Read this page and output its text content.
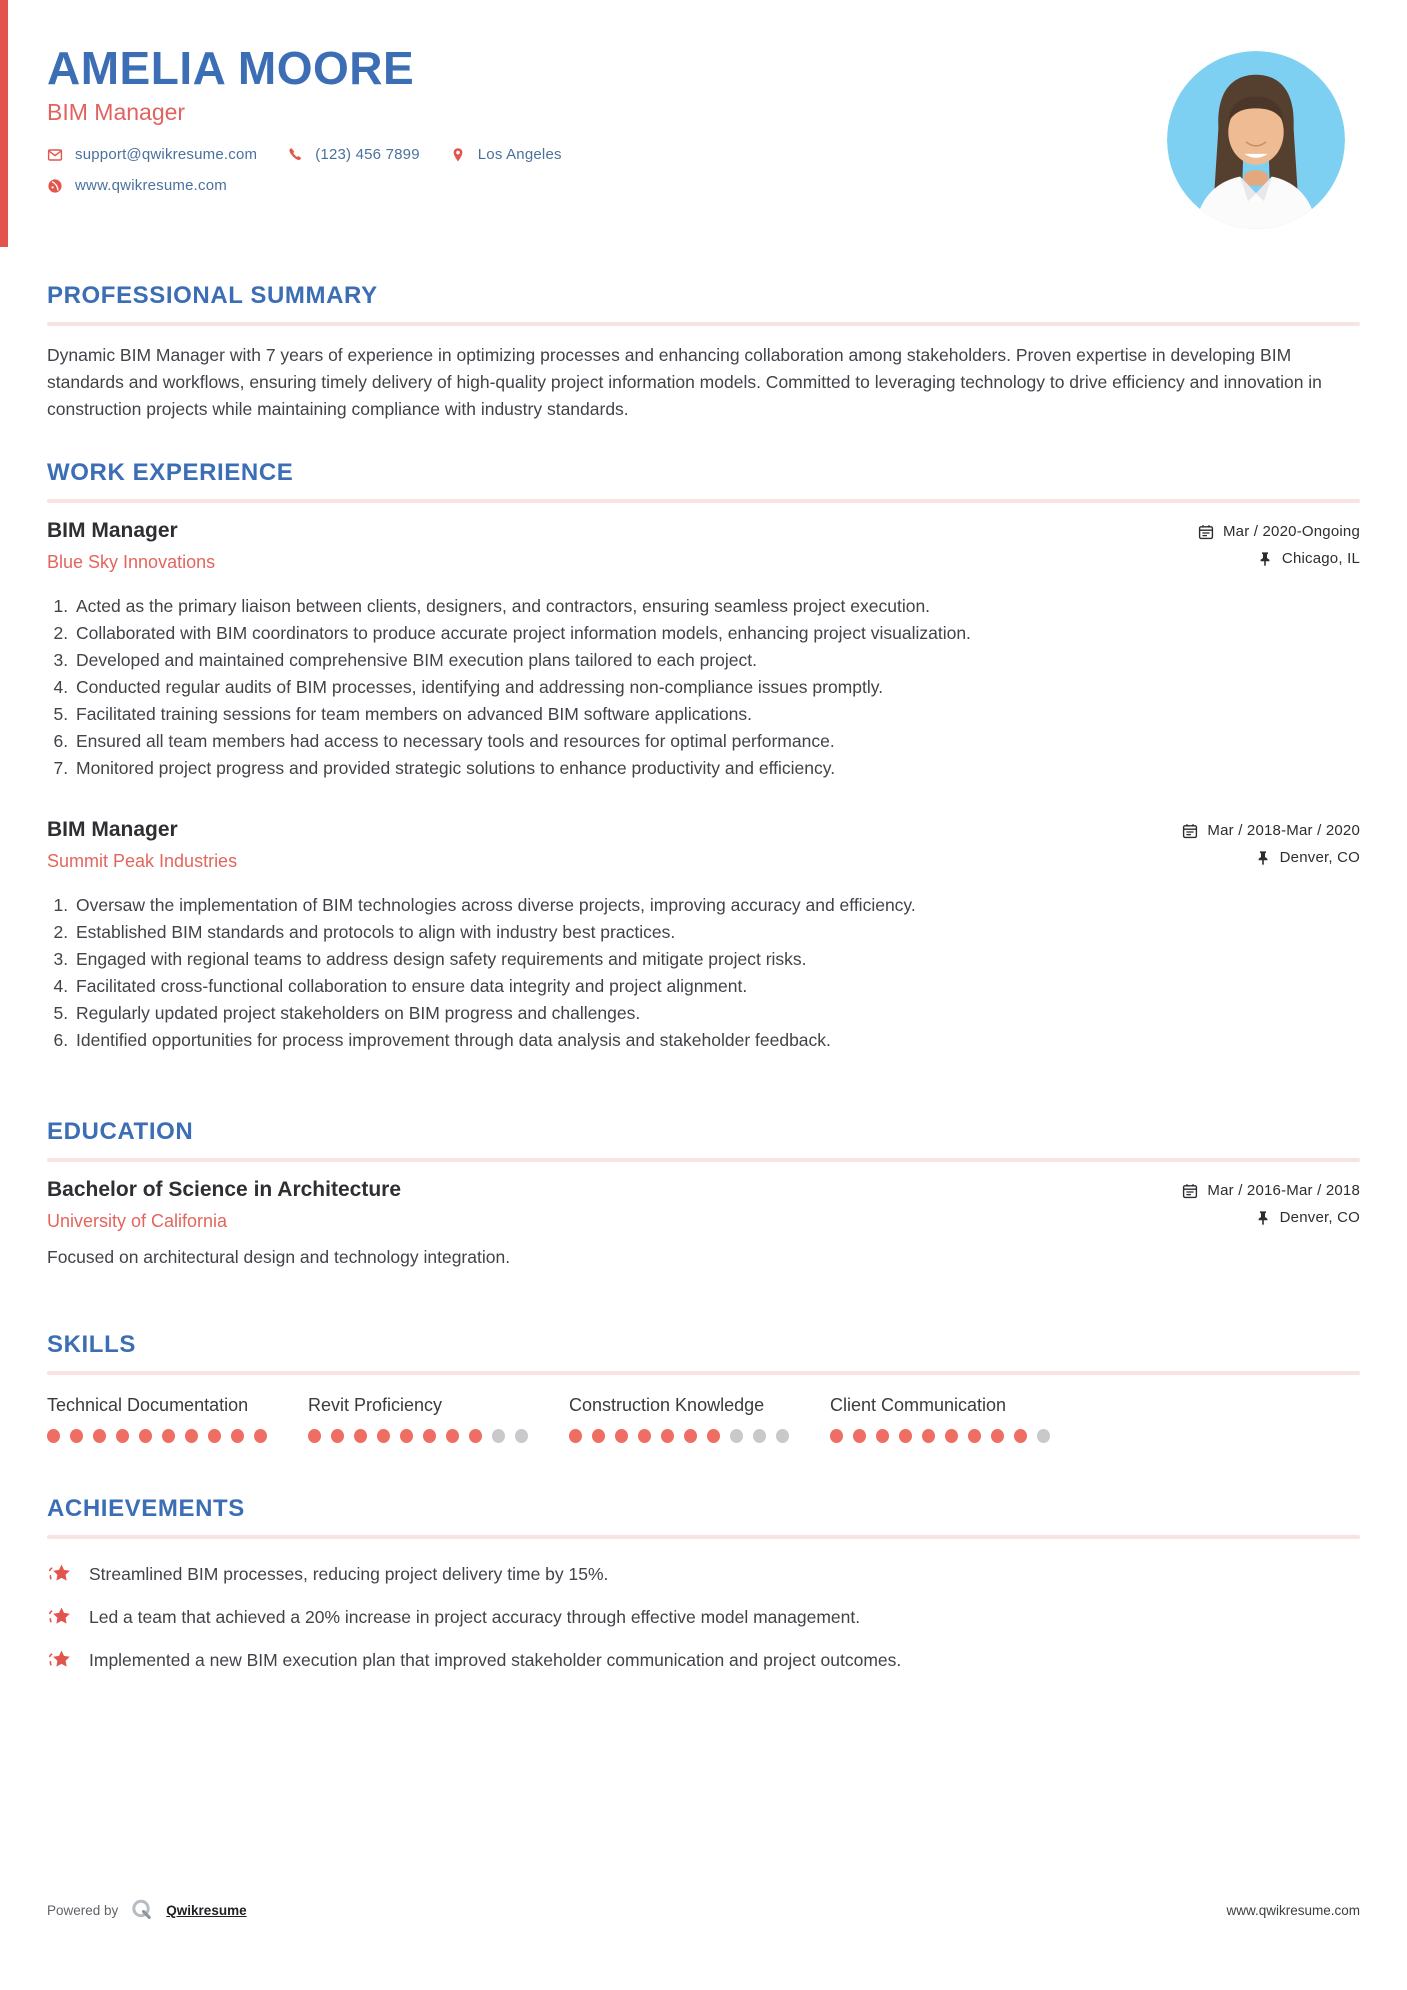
AMELIA MOORE
BIM Manager
support@qwikresume.com	(123) 456 7899	Los Angeles
www.qwikresume.com
PROFESSIONAL SUMMARY

Dynamic BIM Manager with 7 years of experience in optimizing processes and enhancing collaboration among stakeholders. Proven expertise in developing BIM standards and workflows, ensuring timely delivery of high-quality project information models. Committed to leveraging technology to drive efficiency and innovation in construction projects while maintaining compliance with industry standards.

WORK EXPERIENCE
BIM Manager
Blue Sky Innovations
Mar / 2020-Ongoing
Chicago, IL
1. Acted as the primary liaison between clients, designers, and contractors, ensuring seamless project execution.
2. Collaborated with BIM coordinators to produce accurate project information models, enhancing project visualization.
3. Developed and maintained comprehensive BIM execution plans tailored to each project.
4. Conducted regular audits of BIM processes, identifying and addressing non-compliance issues promptly.
5. Facilitated training sessions for team members on advanced BIM software applications.
6. Ensured all team members had access to necessary tools and resources for optimal performance.
7. Monitored project progress and provided strategic solutions to enhance productivity and efficiency.
BIM Manager
Summit Peak Industries
Mar / 2018-Mar / 2020
Denver, CO
1. Oversaw the implementation of BIM technologies across diverse projects, improving accuracy and efficiency.
2. Established BIM standards and protocols to align with industry best practices.
3. Engaged with regional teams to address design safety requirements and mitigate project risks.
4. Facilitated cross-functional collaboration to ensure data integrity and project alignment.
5. Regularly updated project stakeholders on BIM progress and challenges.
6. Identified opportunities for process improvement through data analysis and stakeholder feedback.
EDUCATION
Bachelor of Science in Architecture
University of California
Focused on architectural design and technology integration.
Mar / 2016-Mar / 2018
Denver, CO
SKILLS
Technical Documentation	Revit Proficiency	Construction Knowledge	Client Communication
ACHIEVEMENTS
Streamlined BIM processes, reducing project delivery time by 15%.
Led a team that achieved a 20% increase in project accuracy through effective model management.
Implemented a new BIM execution plan that improved stakeholder communication and project outcomes.
Powered by	Qwikresume	www.qwikresume.com
